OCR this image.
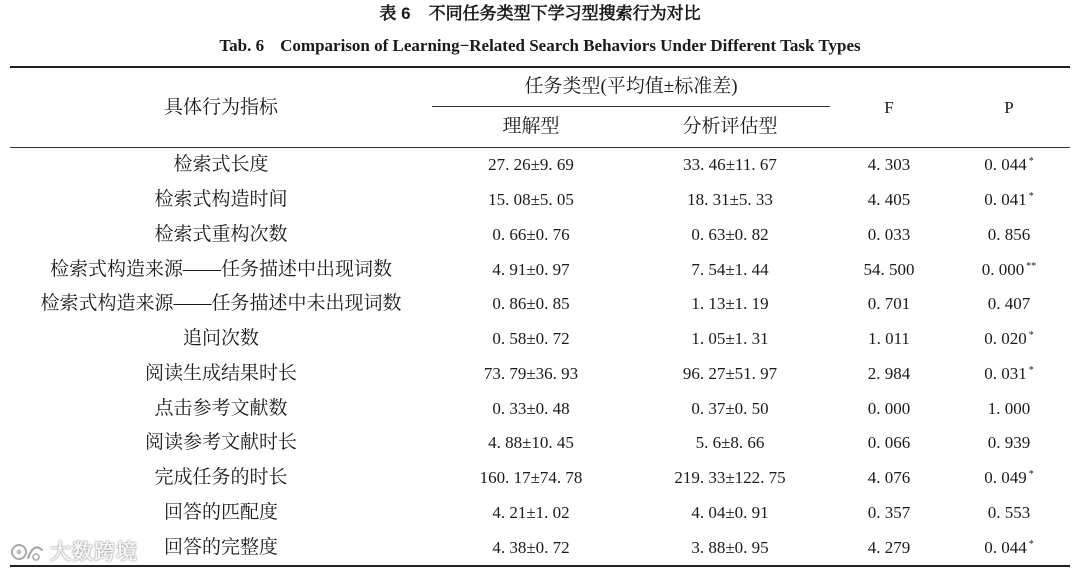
表 6 不同任务类型下学习型搜索行为对比
Tab. 6 Comparison of Learning−Related Search Behaviors Under Different Task Types
具体行为指标	任务类型(平均值±标准差)		F	P
	理解型	分析评估型		
检索式长度	27. 26±9. 69	33. 46±11. 67	4. 303	0. 044 *
检索式构造时间	15. 08±5. 05	18. 31±5. 33	4. 405	0. 041 *
检索式重构次数	0. 66±0. 76	0. 63±0. 82	0. 033	0. 856
检索式构造来源——任务描述中出现词数	4. 91±0. 97	7. 54±1. 44	54. 500	0. 000 **
检索式构造来源——任务描述中未出现词数	0. 86±0. 85	1. 13±1. 19	0. 701	0. 407
追问次数	0. 58±0. 72	1. 05±1. 31	1. 011	0. 020 *
阅读生成结果时长	73. 79±36. 93	96. 27±51. 97	2. 984	0. 031 *
点击参考文献数	0. 33±0. 48	0. 37±0. 50	0. 000	1. 000
阅读参考文献时长	4. 88±10. 45	5. 6±8. 66	0. 066	0. 939
完成任务的时长	160. 17±74. 78	219. 33±122. 75	4. 076	0. 049 *
回答的匹配度	4. 21±1. 02	4. 04±0. 91	0. 357	0. 553
回答的完整度	4. 38±0. 72	3. 88±0. 95	4. 279	0. 044 *
大数跨境
